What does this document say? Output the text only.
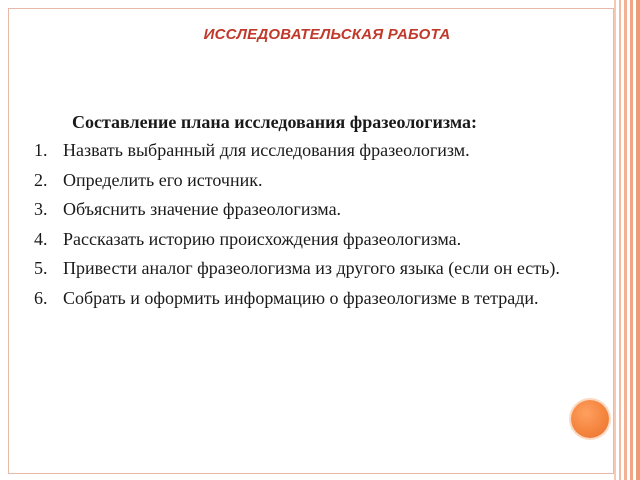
ИССЛЕДОВАТЕЛЬСКАЯ РАБОТА
Составление плана исследования фразеологизма:
1. Назвать выбранный для исследования фразеологизм.
2. Определить его источник.
3. Объяснить значение фразеологизма.
4. Рассказать историю происхождения фразеологизма.
5. Привести аналог фразеологизма из другого языка (если он есть).
6. Собрать и оформить информацию о фразеологизме в тетради.
